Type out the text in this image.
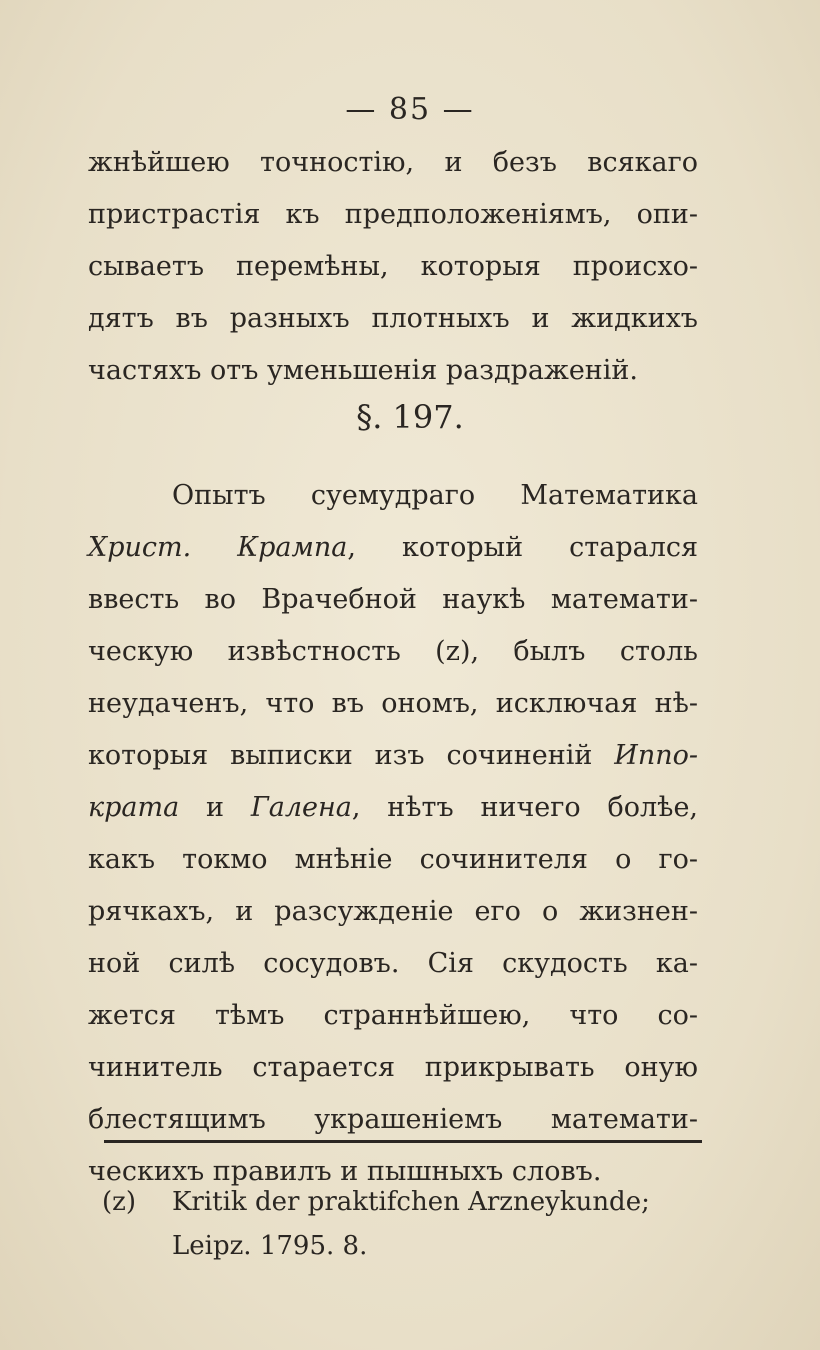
— 85 —
жнѣйшею точностію, и безъ всякаго
пристрастія къ предположеніямъ, опи-
сываетъ перемѣны, которыя происхо-
дятъ въ разныхъ плотныхъ и жидкихъ
частяхъ отъ уменьшенія раздраженій.
§. 197.
Опытъ суемудраго Математика
Христ. Крампа, который старался
ввесть во Врачебной наукѣ математи-
ческую извѣстность (z), былъ столь
неудаченъ, что въ ономъ, исключая нѣ-
которыя выписки изъ сочиненій Иппо-
крата и Галена, нѣтъ ничего болѣе,
какъ токмо мнѣніе сочинителя о го-
рячкахъ, и разсужденіе его о жизнен-
ной силѣ сосудовъ. Сія скудость ка-
жется тѣмъ страннѣйшею, что со-
чинитель старается прикрывать оную
блестящимъ украшеніемъ математи-
ческихъ правилъ и пышныхъ словъ.
(z) Kritik der praktifchen Arzneykunde;
Leipz. 1795. 8.
